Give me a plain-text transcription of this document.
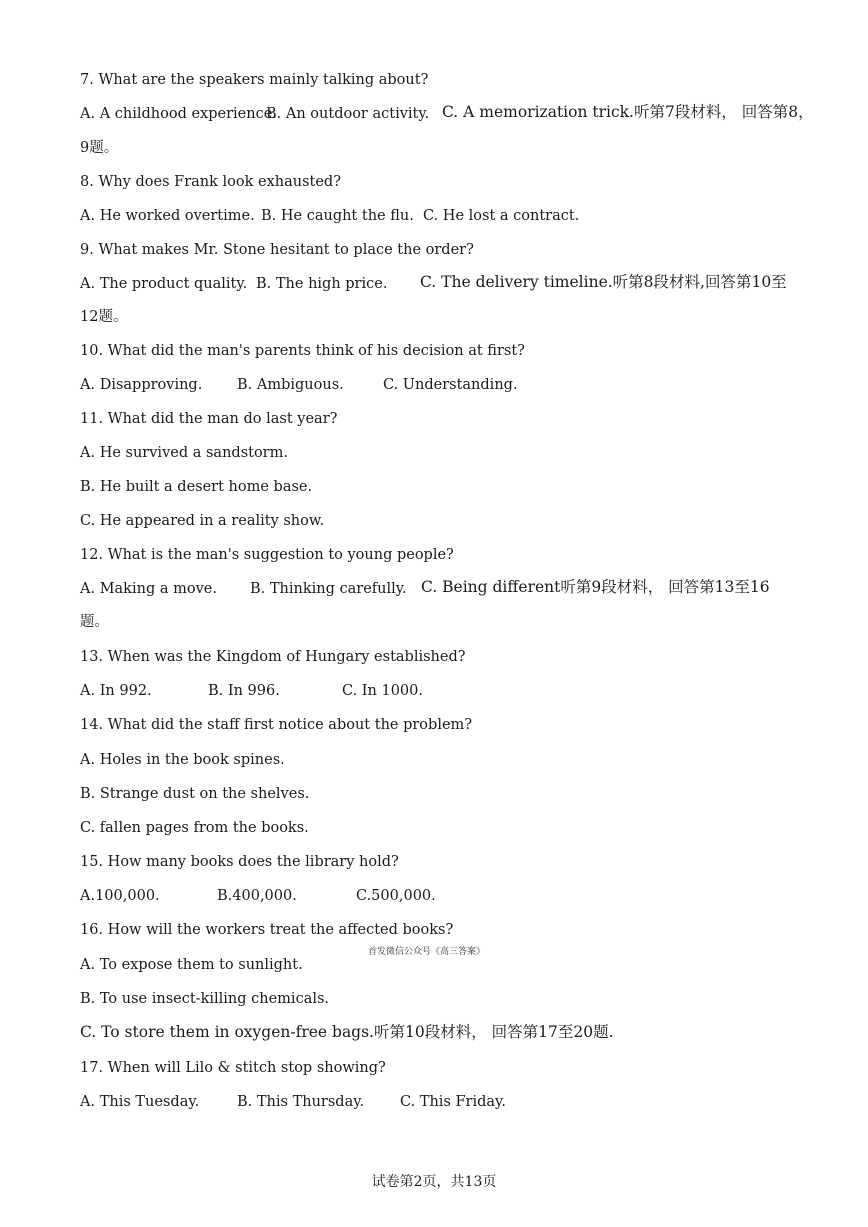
7. What are the speakers mainly talking about?
A. A childhood experience.
B. An outdoor activity. C. A memorization trick.听第7段材料， 回答第8，
9题。
8. Why does Frank look exhausted?
A. He worked overtime. B. He caught the flu. C. He lost a contract.
9. What makes Mr. Stone hesitant to place the order?
A. The product quality. B. The high price. C. The delivery timeline.听第8段材料,回答第10至
12题。
10. What did the man's parents think of his decision at first?
A. Disapproving. B. Ambiguous.	C. Understanding.
11. What did the man do last year?
A. He survived a sandstorm.
B. He built a desert home base.
C. He appeared in a reality show.
12. What is the man's suggestion to young people?
A. Making a move. B. Thinking carefully. C. Being different听第9段材料， 回答第13至16
题。
13. When was the Kingdom of Hungary established?
A. In 992.	B. In 996.	C. In 1000.
14. What did the staff first notice about the problem?
A. Holes in the book spines.
B. Strange dust on the shelves.
C. fallen pages from the books.
15. How many books does the library hold?
A.100,000.	B.400,000.	C.500,000.
16. How will the workers treat the affected books?
首发微信公众号《高三答案》
A. To expose them to sunlight.
B. To use insect-killing chemicals.
C. To store them in oxygen-free bags.听第10段材料， 回答第17至20题.
17. When will Lilo & stitch stop showing?
A. This Tuesday.	B. This Thursday. C. This Friday.
试卷第2页，共13页
